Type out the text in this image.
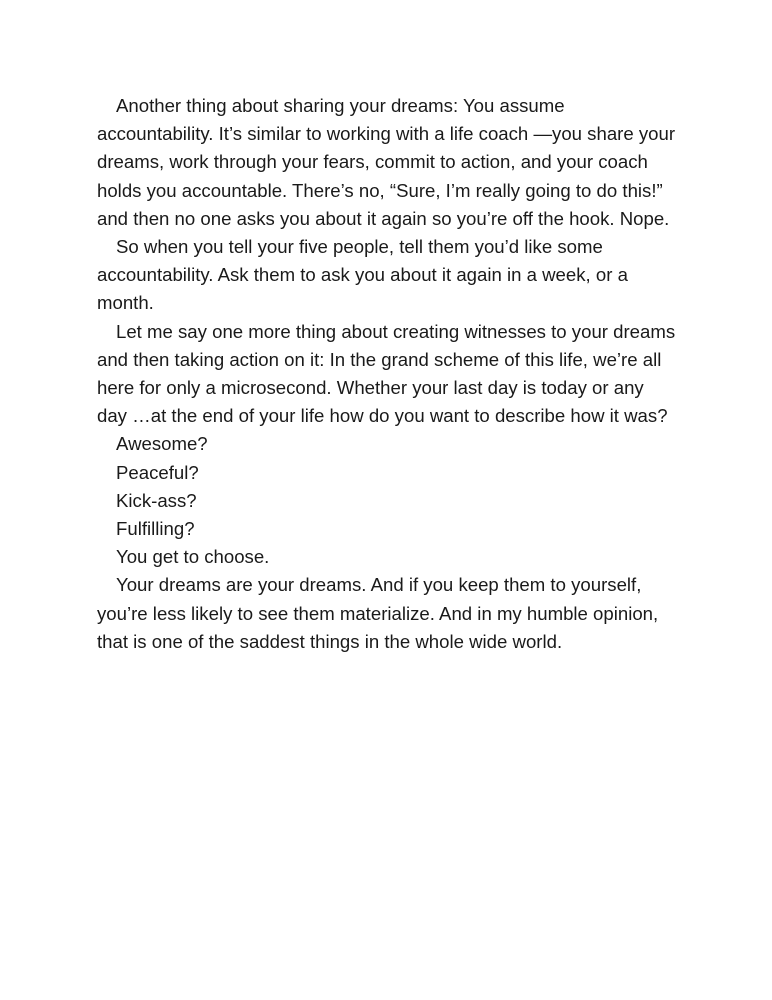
Another thing about sharing your dreams: You assume accountability. It’s similar to working with a life coach —you share your dreams, work through your fears, commit to action, and your coach holds you accountable. There’s no, “Sure, I’m really going to do this!” and then no one asks you about it again so you’re off the hook. Nope.

So when you tell your five people, tell them you’d like some accountability. Ask them to ask you about it again in a week, or a month.

Let me say one more thing about creating witnesses to your dreams and then taking action on it: In the grand scheme of this life, we’re all here for only a microsecond. Whether your last day is today or any day …at the end of your life how do you want to describe how it was?

Awesome?

Peaceful?

Kick-ass?

Fulfilling?

You get to choose.

Your dreams are your dreams. And if you keep them to yourself, you’re less likely to see them materialize. And in my humble opinion, that is one of the saddest things in the whole wide world.
